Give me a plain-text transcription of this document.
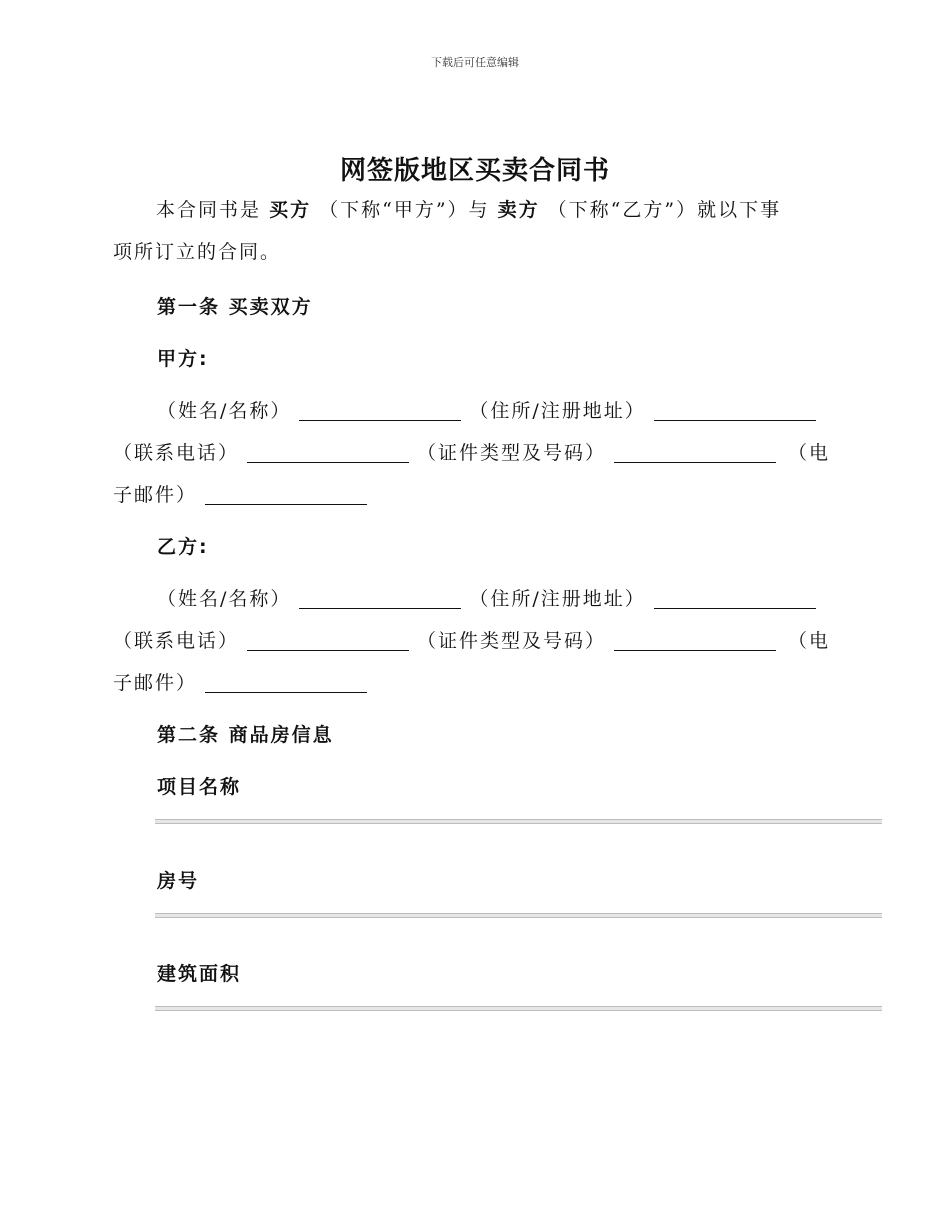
下载后可任意编辑
网签版地区买卖合同书
本合同书是 买方 （下称“甲方”）与 卖方 （下称“乙方”）就以下事
项所订立的合同。
第一条 买卖双方
甲方:
（姓名/名称）	（住所/注册地址）
（联系电话）	（证件类型及号码）	（电
子邮件）
乙方:
（姓名/名称）	（住所/注册地址）
（联系电话）	（证件类型及号码）	（电
子邮件）
第二条 商品房信息
项目名称
房号
建筑面积
